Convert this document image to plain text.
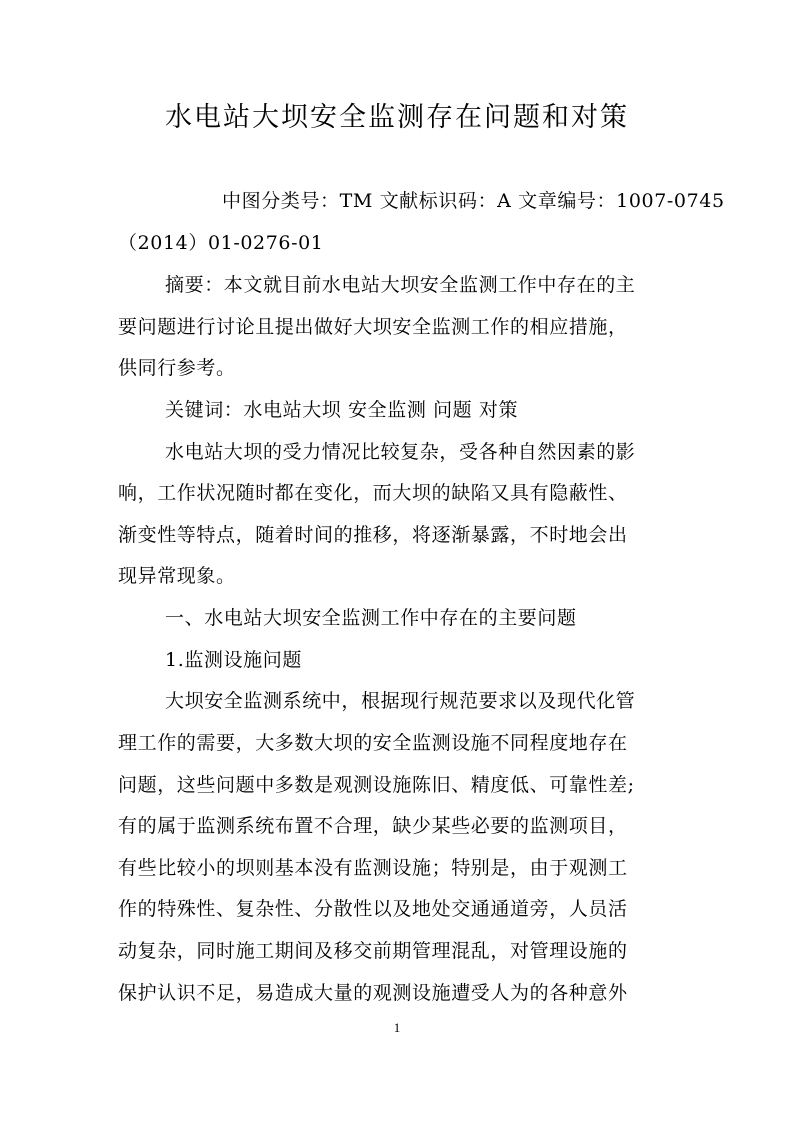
水电站大坝安全监测存在问题和对策
中图分类号：TM 文献标识码：A 文章编号：1007-0745
（2014）01-0276-01
摘要：本文就目前水电站大坝安全监测工作中存在的主
要问题进行讨论且提出做好大坝安全监测工作的相应措施，
供同行参考。
关键词：水电站大坝 安全监测 问题 对策
水电站大坝的受力情况比较复杂，受各种自然因素的影
响，工作状况随时都在变化，而大坝的缺陷又具有隐蔽性、
渐变性等特点，随着时间的推移，将逐渐暴露，不时地会出
现异常现象。
一、水电站大坝安全监测工作中存在的主要问题
1.监测设施问题
大坝安全监测系统中，根据现行规范要求以及现代化管
理工作的需要，大多数大坝的安全监测设施不同程度地存在
问题，这些问题中多数是观测设施陈旧、精度低、可靠性差;
有的属于监测系统布置不合理，缺少某些必要的监测项目，
有些比较小的坝则基本没有监测设施；特别是，由于观测工
作的特殊性、复杂性、分散性以及地处交通通道旁，人员活
动复杂，同时施工期间及移交前期管理混乱，对管理设施的
保护认识不足，易造成大量的观测设施遭受人为的各种意外
1
